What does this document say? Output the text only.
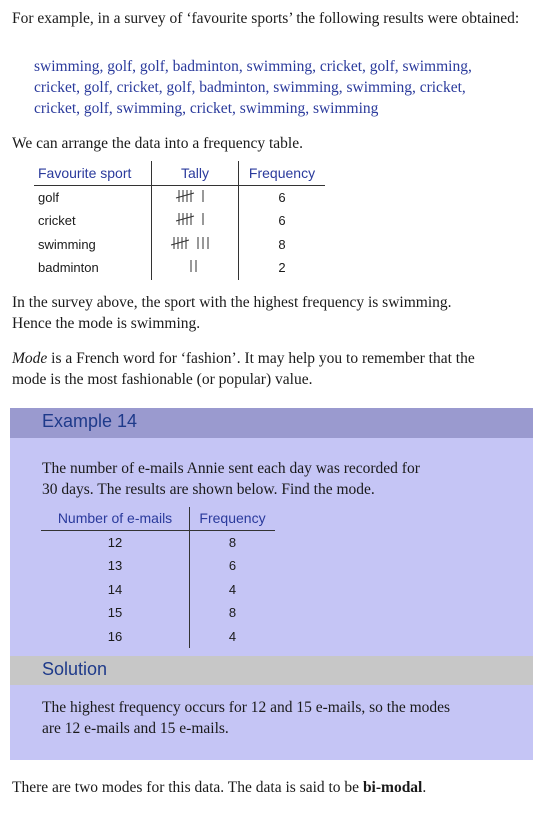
For example, in a survey of ‘favourite sports’ the following results were obtained:

swimming, golf, golf, badminton, swimming, cricket, golf, swimming,
cricket, golf, cricket, golf, badminton, swimming, swimming, cricket,
cricket, golf, swimming, cricket, swimming, swimming

We can arrange the data into a frequency table.

Favourite sport	Tally	Frequency
golf		6
cricket		6
swimming		8
badminton		2
In the survey above, the sport with the highest frequency is swimming.
Hence the mode is swimming.
Mode is a French word for ‘fashion’. It may help you to remember that the
mode is the most fashionable (or popular) value.
Example 14
The number of e-mails Annie sent each day was recorded for
30 days. The results are shown below. Find the mode.
Number of e-mails	Frequency
12	8
13	6
14	4
15	8
16	4
Solution
The highest frequency occurs for 12 and 15 e-mails, so the modes
are 12 e-mails and 15 e-mails.

There are two modes for this data. The data is said to be bi-modal.
